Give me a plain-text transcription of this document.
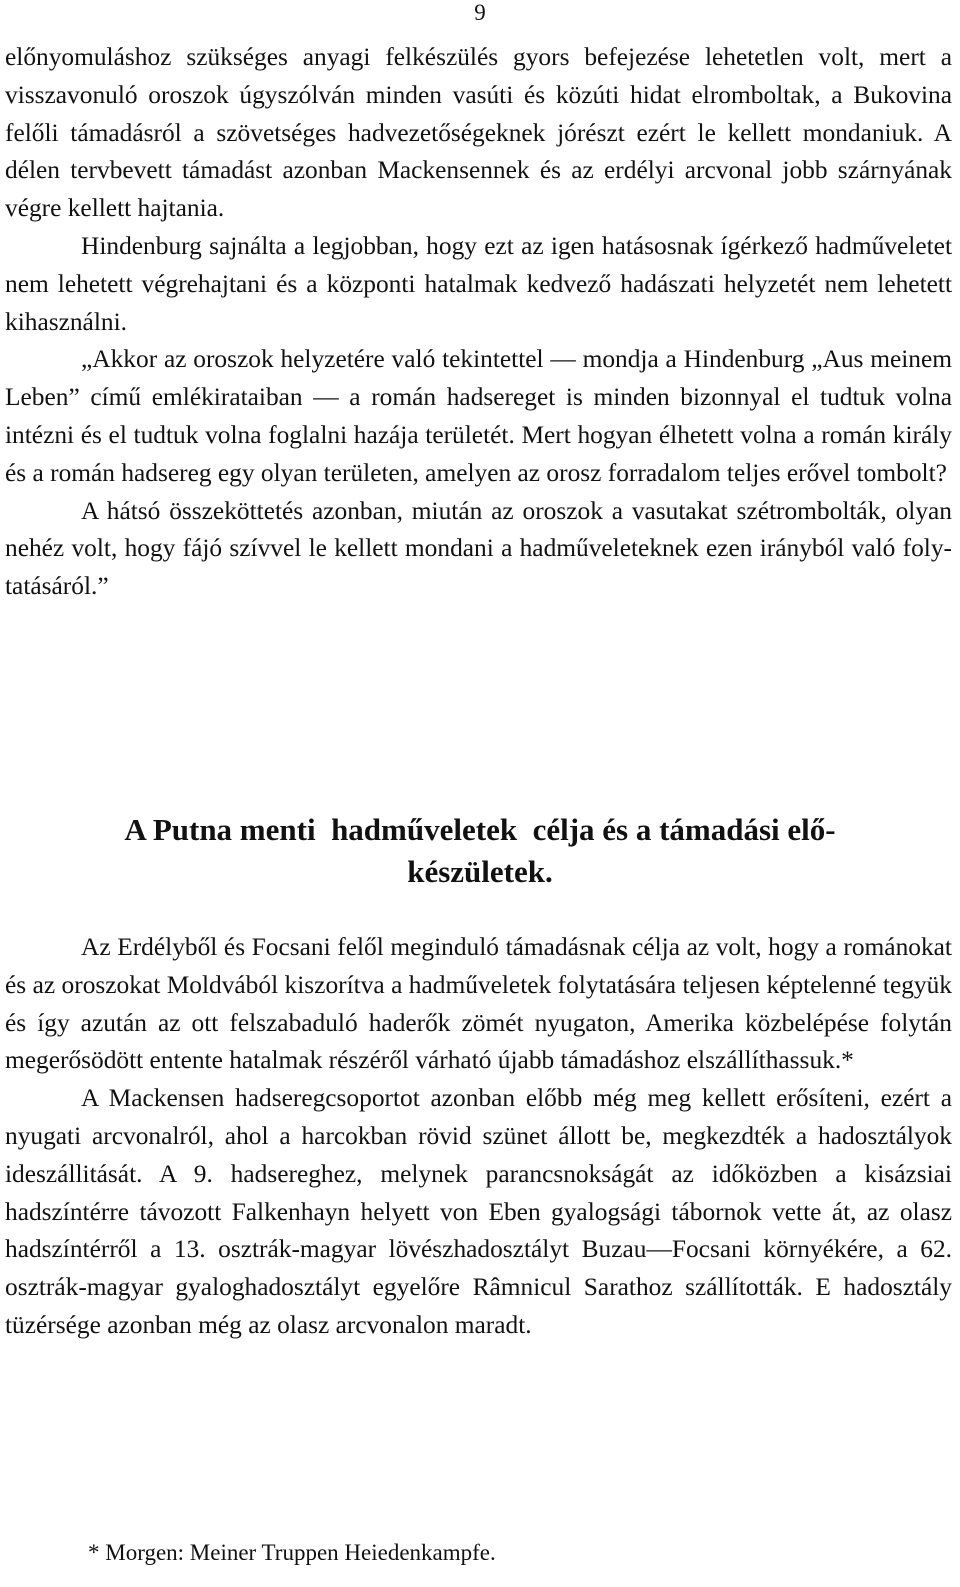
9

előnyomuláshoz szükséges anyagi felkészülés gyors befejezése lehetetlen volt, mert a visszavonuló oroszok úgyszólván minden vasúti és közúti hidat elromboltak, a Bukovina felőli támadásról a szövetséges hadvezetőségeknek jórészt ezért le kellett mondaniuk. A délen tervbevett támadást azonban Mackensennek és az erdélyi arcvonal jobb szárnyának végre kellett hajtania.

Hindenburg sajnálta a legjobban, hogy ezt az igen hatásosnak ígérkező hadműveletet nem lehetett végrehajtani és a központi hatalmak kedvező hadászati helyzetét nem lehetett kihasználni.

„Akkor az oroszok helyzetére való tekintettel — mondja a Hindenburg „Aus meinem Leben” című emlékirataiban — a román hadsereget is minden bizonnyal el tudtuk volna intézni és el tudtuk volna foglalni hazája területét. Mert hogyan élhetett volna a román király és a román hadsereg egy olyan területen, amelyen az orosz forradalom teljes erővel tombolt?

A hátsó összeköttetés azonban, miután az oroszok a vasutakat szétrombolták, olyan nehéz volt, hogy fájó szívvel le kellett mondani a hadműveleteknek ezen irányból való folytatásáról.”

A Putna menti  hadműveletek  célja és a támadási elő-
készületek.

Az Erdélyből és Focsani felől meginduló támadásnak célja az volt, hogy a románokat és az oroszokat Moldvából kiszorítva a hadműveletek folytatására teljesen képtelenné tegyük és így azután az ott felszabaduló haderők zömét nyugaton, Amerika közbelépése folytán megerősödött entente hatalmak részéről várható újabb támadáshoz elszállíthassuk.*

A Mackensen hadseregcsoportot azonban előbb még meg kellett erősíteni, ezért a nyugati arcvonalról, ahol a harcokban rövid szünet állott be, megkezdték a hadosztályok ideszállitását. A 9. hadsereghez, melynek parancsnokságát az időközben a kisázsiai hadszíntérre távozott Falkenhayn helyett von Eben gyalogsági tábornok vette át, az olasz hadszíntérről a 13. osztrák-magyar lövészhadosztályt Buzau—Focsani környékére, a 62. osztrák-magyar gyaloghadosztályt egyelőre Râmnicul Sarathoz szállították. E hadosztály tüzérsége azonban még az olasz arcvonalon maradt.

* Morgen: Meiner Truppen Heiedenkampfe.
